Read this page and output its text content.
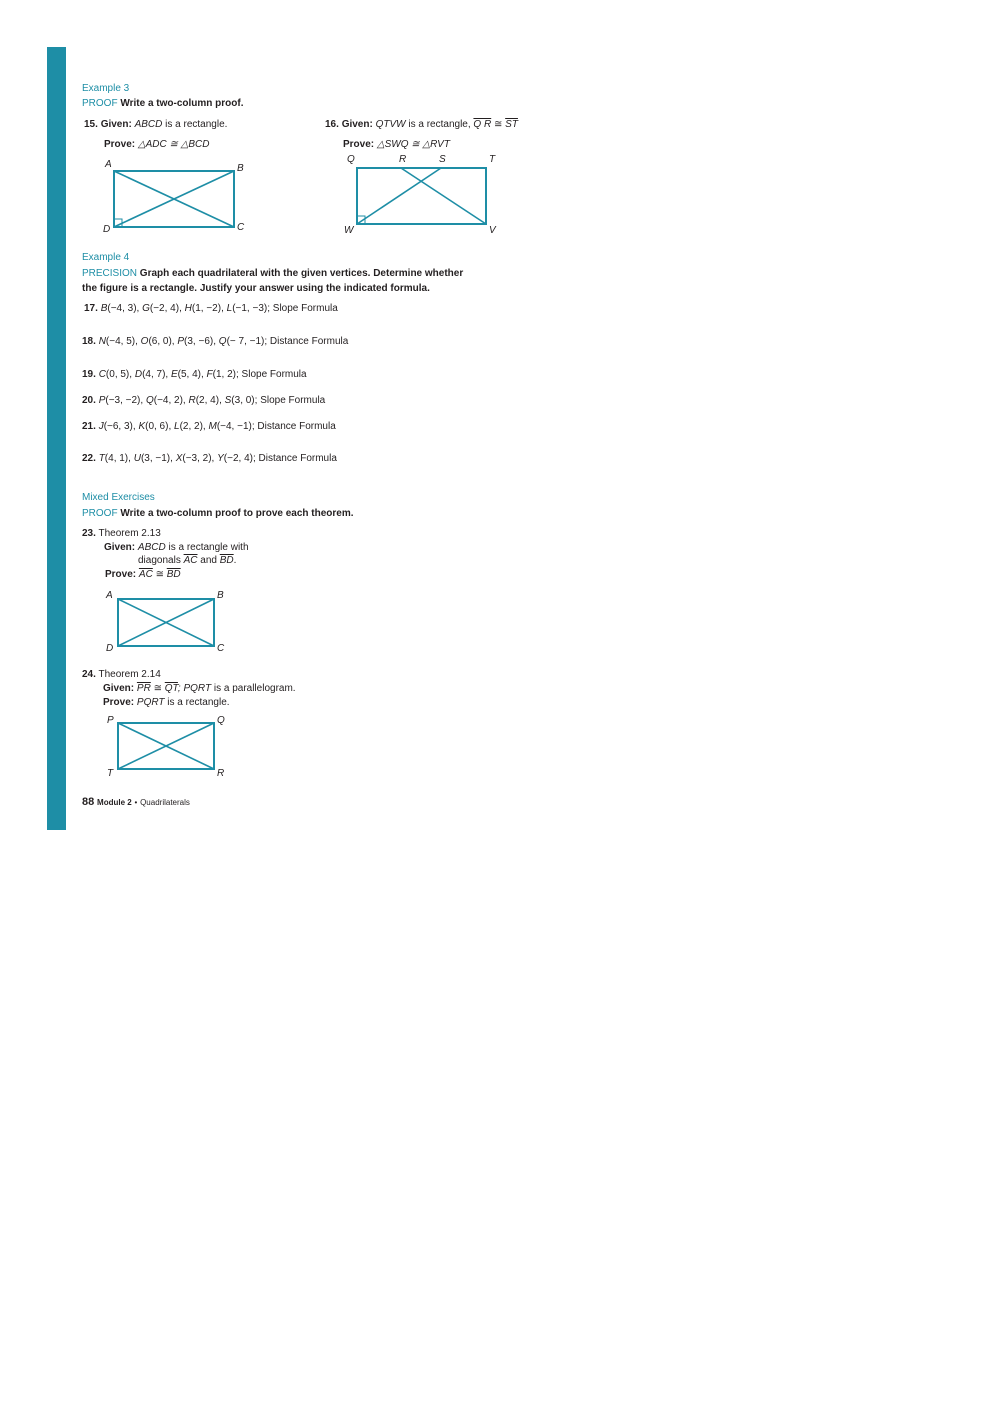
Example 3
PROOF Write a two-column proof.
15. Given: ABCD is a rectangle.
Prove: △ADC ≅ △BCD
A	B
C
D
16. Given: QTVW is a rectangle, Q R ≅ $\overline{ST}$
Prove: △SWQ ≅ △RVT
Q	R	S	T
W	V
Example 4
PRECISION Graph each quadrilateral with the given vertices. Determine whether
the figure is a rectangle. Justify your answer using the indicated formula.
17. B(−4, 3), G(−2, 4), H(1, −2), L(−1, −3); Slope Formula
18. N(−4, 5), O(6, 0), P(3, −6), Q(− 7, −1); Distance Formula
19. C(0, 5), D(4, 7), E(5, 4), F(1, 2); Slope Formula
20. P(−3, −2), Q(−4, 2), R(2, 4), S(3, 0); Slope Formula
21. J(−6, 3), K(0, 6), L(2, 2), M(−4, −1); Distance Formula
22. T(4, 1), U(3, −1), X(−3, 2), Y(−2, 4); Distance Formula
Mixed Exercises
PROOF Write a two-column proof to prove each theorem.
23. Theorem 2.13
Given: ABCD is a rectangle with
diagonals $\overline{AC}$ and $\overline{BD}$.
Prove: $\overline{AC}$ ≅ $\overline{BD}$
A	B
C
D
24. Theorem 2.14
Given: $\overline{PR}$ ≅ $\overline{QT}$; PQRT is a parallelogram.
Prove: PQRT is a rectangle.
P	Q
R
T
88 Module 2 • Quadrilaterals
